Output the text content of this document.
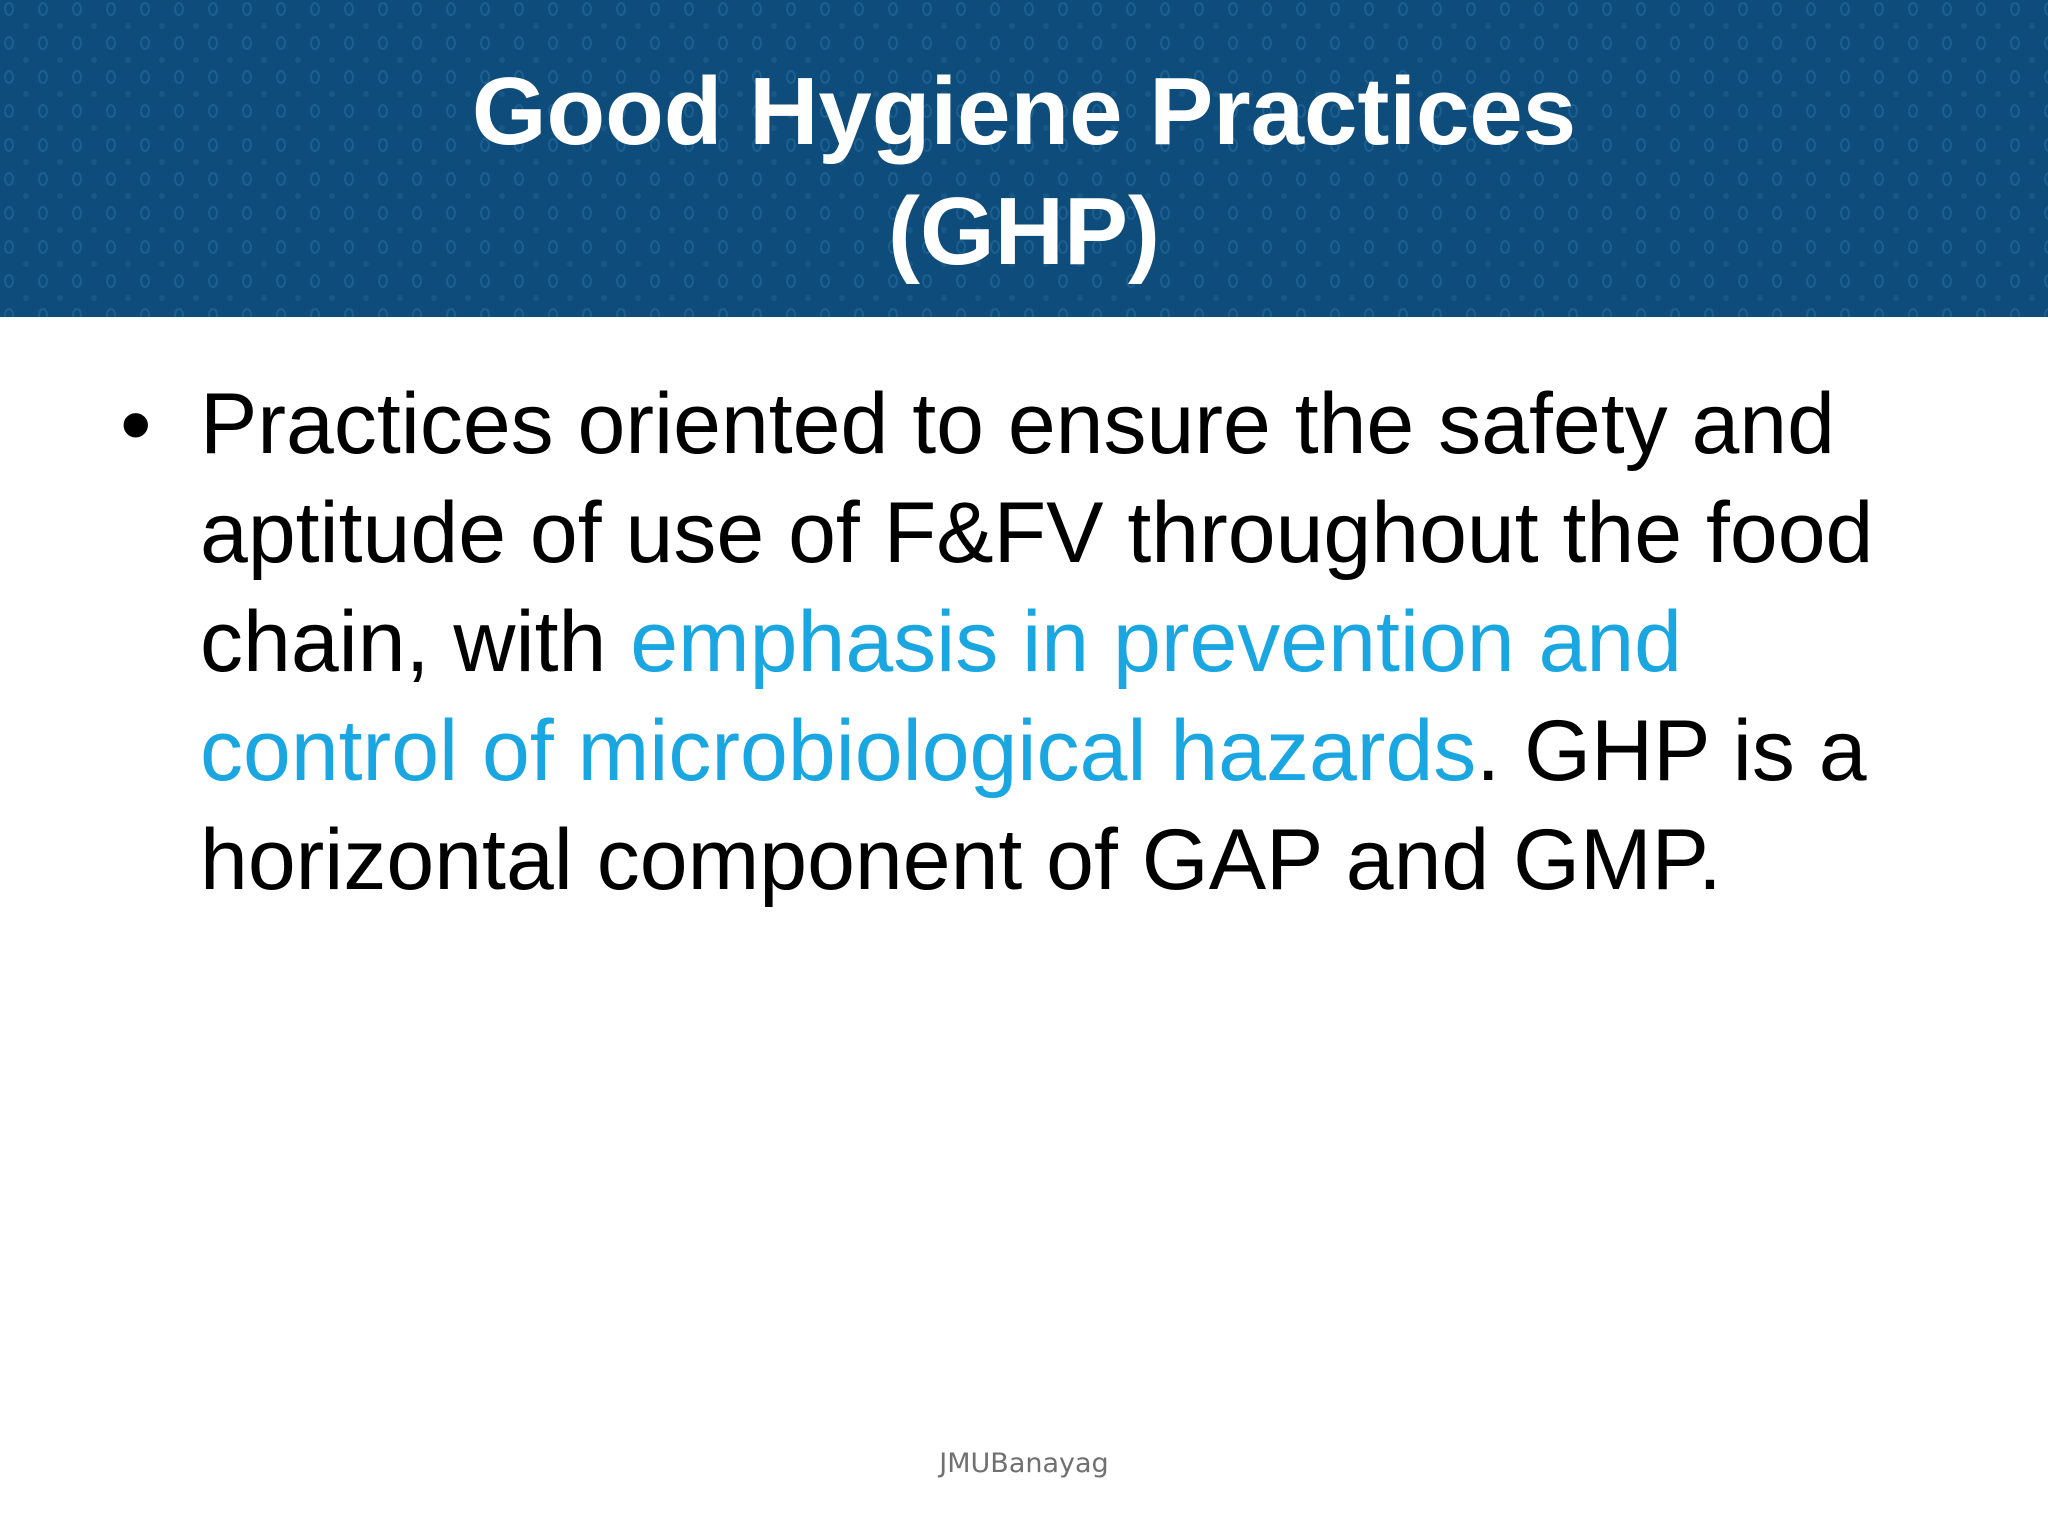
Good Hygiene Practices
(GHP)
• Practices oriented to ensure the safety and aptitude of use of F&FV throughout the food chain, with emphasis in prevention and control of microbiological hazards. GHP is a horizontal component of GAP and GMP.

JMUBanayag
